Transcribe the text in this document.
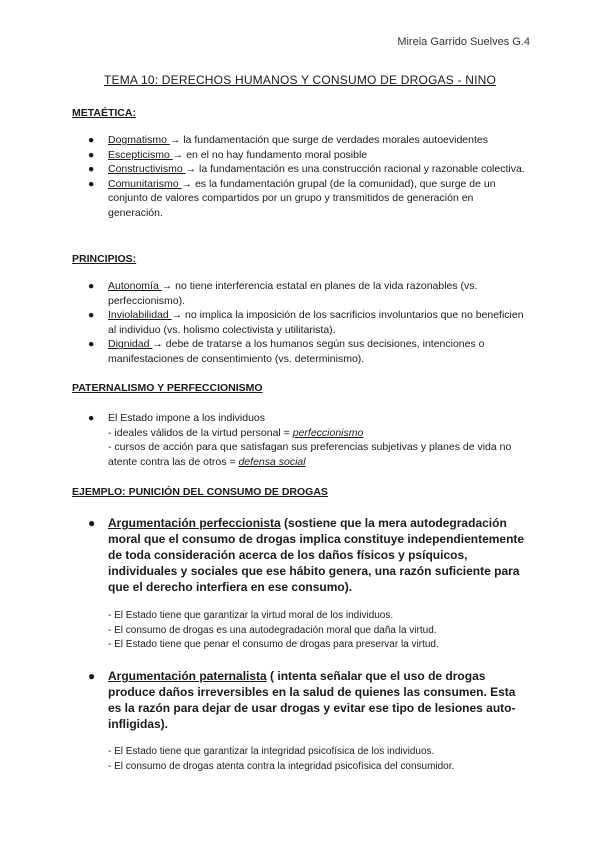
Mireia Garrido Suelves G.4
TEMA 10: DERECHOS HUMANOS Y CONSUMO DE DROGAS - NINO
METAÉTICA:
● Dogmatismo → la fundamentación que surge de verdades morales autoevidentes
● Escepticismo → en el no hay fundamento moral posible
● Constructivismo → la fundamentación es una construcción racional y razonable colectiva.
● Comunitarismo → es la fundamentación grupal (de la comunidad), que surge de un conjunto de valores compartidos por un grupo y transmitidos de generación en generación.
PRINCIPIOS:
● Autonomía → no tiene interferencia estatal en planes de la vida razonables (vs. perfeccionismo).
● Inviolabilidad → no implica la imposición de los sacrificios involuntarios que no beneficien al individuo (vs. holismo colectivista y utilitarista).
● Dignidad → debe de tratarse a los humanos según sus decisiones, intenciones o manifestaciones de consentimiento (vs. determinismo).
PATERNALISMO Y PERFECCIONISMO
● El Estado impone a los individuos
- ideales válidos de la virtud personal = perfeccionismo
- cursos de acción para que satisfagan sus preferencias subjetivas y planes de vida no atente contra las de otros = defensa social
EJEMPLO: PUNICIÓN DEL CONSUMO DE DROGAS
● Argumentación perfeccionista (sostiene que la mera autodegradación moral que el consumo de drogas implica constituye independientemente de toda consideración acerca de los daños físicos y psíquicos, individuales y sociales que ese hábito genera, una razón suficiente para que el derecho interfiera en ese consumo).
- El Estado tiene que garantizar la virtud moral de los individuos.
- El consumo de drogas es una autodegradación moral que daña la virtud.
- El Estado tiene que penar el consumo de drogas para preservar la virtud.
● Argumentación paternalista ( intenta señalar que el uso de drogas produce daños irreversibles en la salud de quienes las consumen. Esta es la razón para dejar de usar drogas y evitar ese tipo de lesiones auto-infligidas).
- El Estado tiene que garantizar la integridad psicofísica de los individuos.
- El consumo de drogas atenta contra la integridad psicofísica del consumidor.
